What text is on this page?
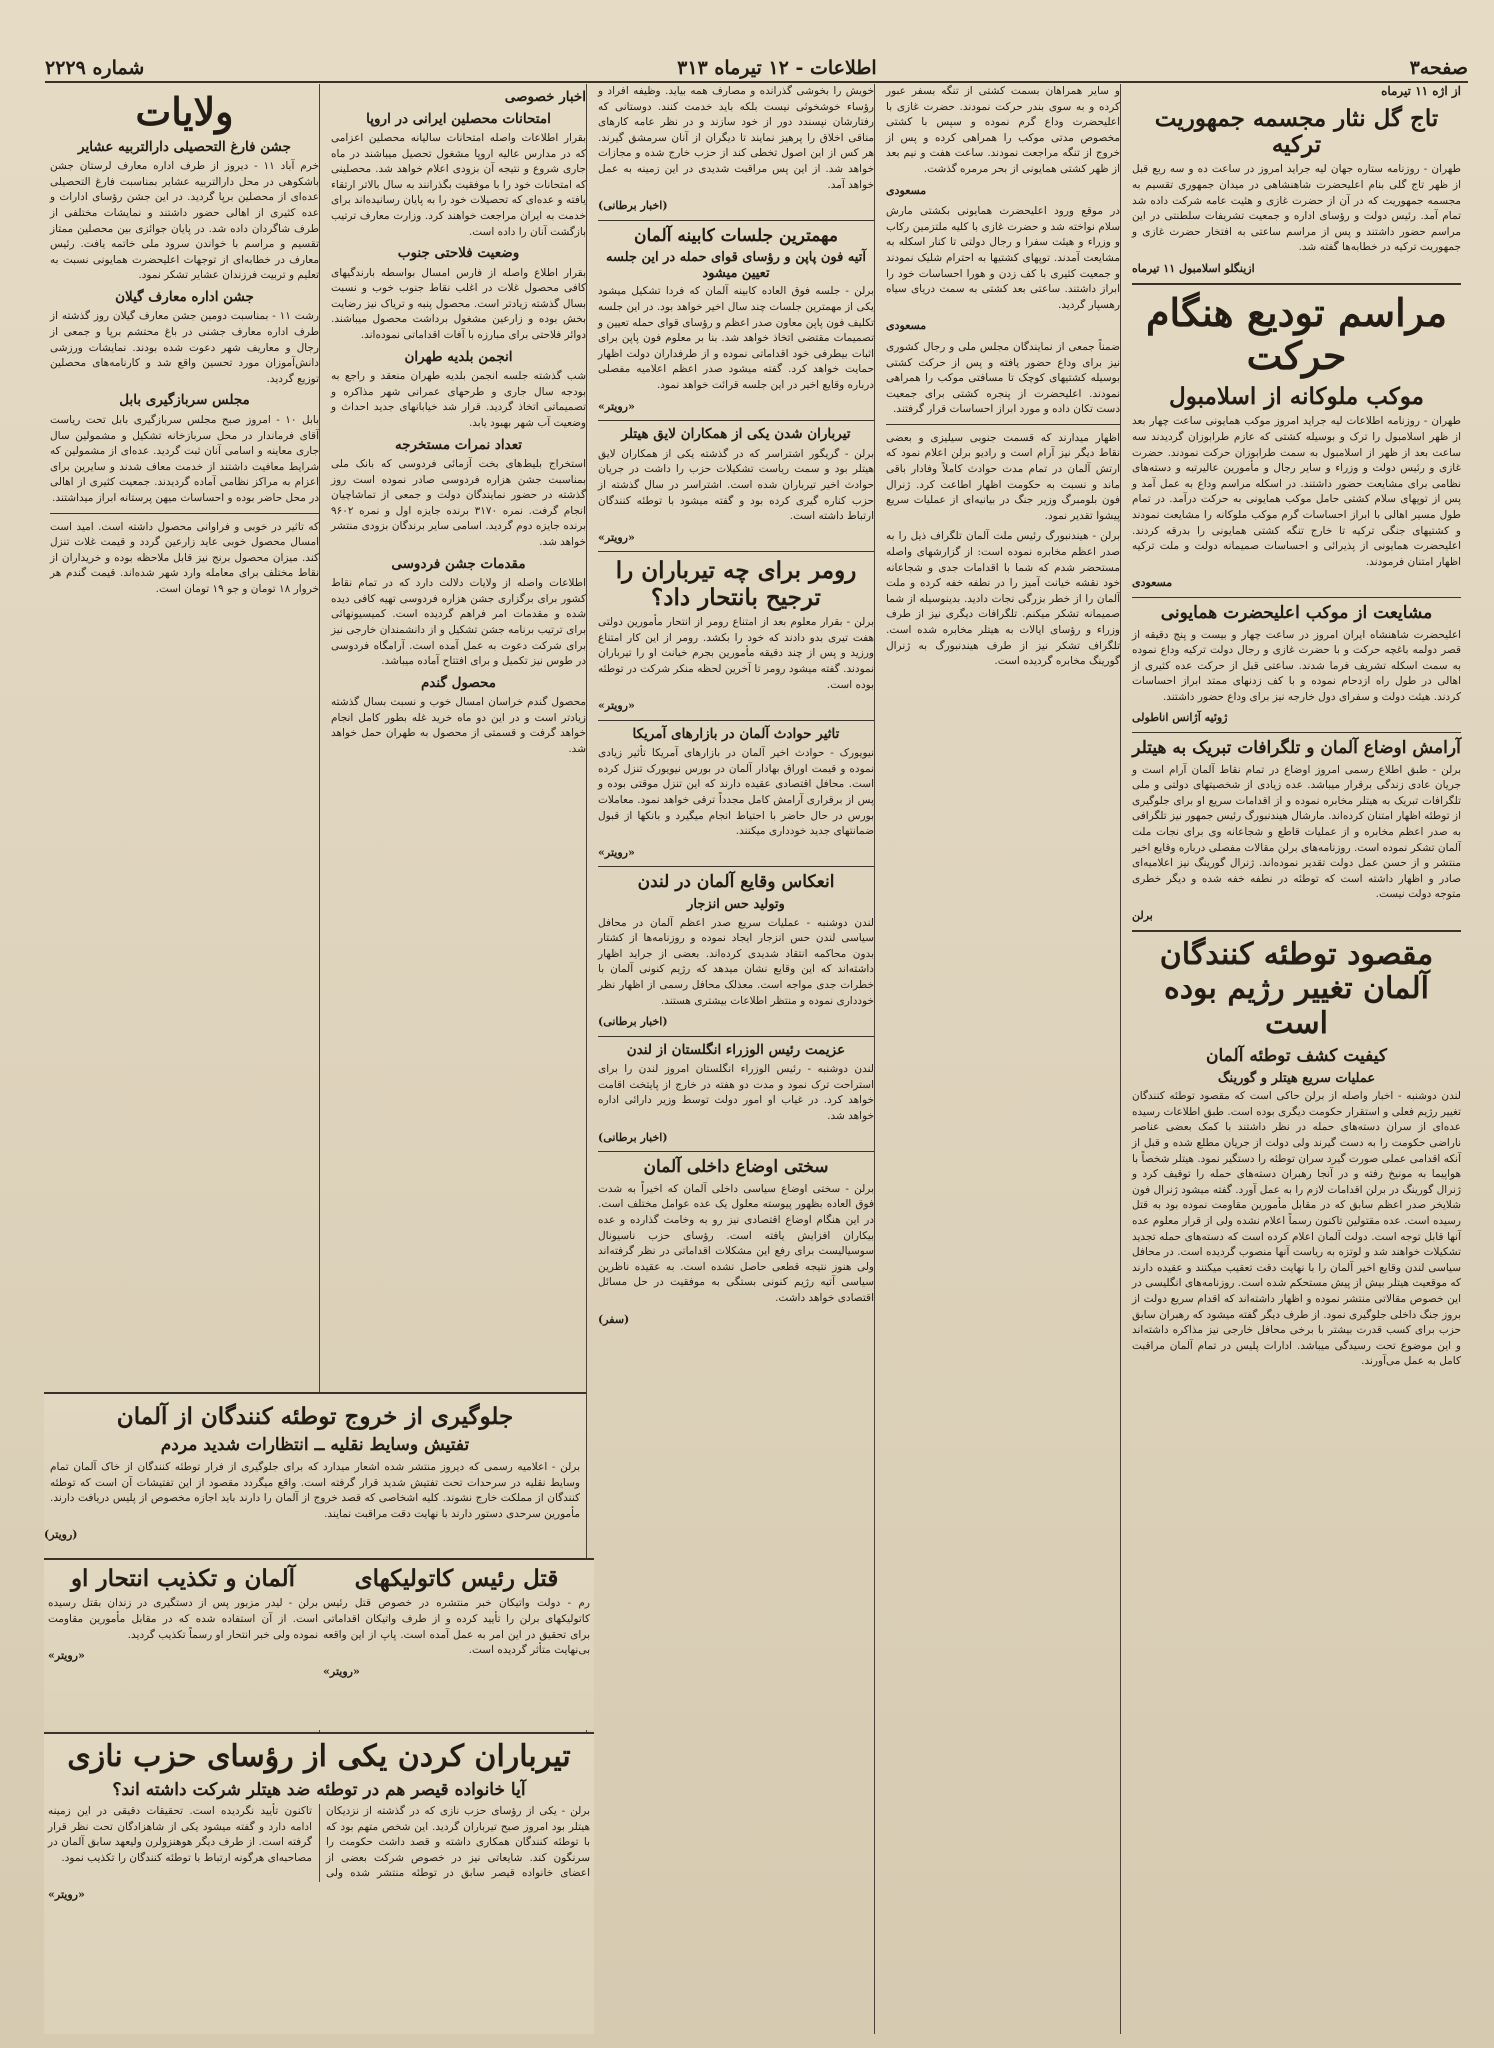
صفحه۳
اطلاعات - ۱۲ تیرماه ۳۱۳
شماره ۲۲۲۹
از اژه ۱۱ تیرماه
تاج گل نثار مجسمه جمهوریت ترکیه

طهران - روزنامه ستاره جهان لیه جراید امروز در ساعت ده و سه ربع قبل از ظهر تاج گلی بنام اعلیحضرت شاهنشاهی در میدان جمهوری تقسیم به مجسمه جمهوریت که در آن از حضرت غازی و هئیت عامه شرکت داده شد تمام آمد. رئیس دولت و رؤسای اداره و جمعیت تشریفات سلطنتی در این مراسم حضور داشتند و پس از مراسم ساعتی به افتخار حضرت غازی و جمهوریت ترکیه در خطابه‌ها گفته شد.

ازینگلو اسلامبول ۱۱ تیرماه
مراسم تودیع هنگام حرکت
موکب ملوکانه از اسلامبول

طهران - روزنامه اطلاعات لیه جراید امروز موکب همایونی ساعت چهار بعد از ظهر اسلامبول را ترک و بوسیله کشتی که عازم طرابوزان گردیدند سه ساعت بعد از ظهر از اسلامبول به سمت طرابوزان حرکت نمودند. حضرت غازی و رئیس دولت و وزراء و سایر رجال و مأمورین عالیرتبه و دسته‌های نظامی برای مشایعت حضور داشتند. در اسکله مراسم وداع به عمل آمد و پس از توپهای سلام کشتی حامل موکب همایونی به حرکت درآمد. در تمام طول مسیر اهالی با ابراز احساسات گرم موکب ملوکانه را مشایعت نمودند و کشتیهای جنگی ترکیه تا خارج تنگه کشتی همایونی را بدرقه کردند. اعلیحضرت همایونی از پذیرائی و احساسات صمیمانه دولت و ملت ترکیه اظهار امتنان فرمودند.

مسعودی
مشایعت از موکب اعلیحضرت همایونی

اعلیحضرت شاهنشاه ایران امروز در ساعت چهار و بیست و پنج دقیقه از قصر دولمه باغچه حرکت و با حضرت غازی و رجال دولت ترکیه وداع نموده به سمت اسکله تشریف فرما شدند. ساعتی قبل از حرکت عده کثیری از اهالی در طول راه ازدحام نموده و با کف زدنهای ممتد ابراز احساسات کردند. هیئت دولت و سفرای دول خارجه نیز برای وداع حضور داشتند.

ژوئیه آژانس اناطولی
آرامش اوضاع آلمان و تلگرافات تبریک به هیتلر

برلن - طبق اطلاع رسمی امروز اوضاع در تمام نقاط آلمان آرام است و جریان عادی زندگی برقرار میباشد. عده زیادی از شخصیتهای دولتی و ملی تلگرافات تبریک به هیتلر مخابره نموده و از اقدامات سریع او برای جلوگیری از توطئه اظهار امتنان کرده‌اند. مارشال هیندنبورگ رئیس جمهور نیز تلگرافی به صدر اعظم مخابره و از عملیات قاطع و شجاعانه وی برای نجات ملت آلمان تشکر نموده است. روزنامه‌های برلن مقالات مفصلی درباره وقایع اخیر منتشر و از حسن عمل دولت تقدیر نموده‌اند. ژنرال گورینگ نیز اعلامیه‌ای صادر و اظهار داشته است که توطئه در نطفه خفه شده و دیگر خطری متوجه دولت نیست.

برلن
مقصود توطئه کنندگان آلمان تغییر رژیم بوده است
کیفیت کشف توطئه آلمان
عملیات سریع هیتلر و گورینگ

لندن دوشنبه - اخبار واصله از برلن حاکی است که مقصود توطئه کنندگان تغییر رژیم فعلی و استقرار حکومت دیگری بوده است. طبق اطلاعات رسیده عده‌ای از سران دسته‌های حمله در نظر داشتند با کمک بعضی عناصر ناراضی حکومت را به دست گیرند ولی دولت از جریان مطلع شده و قبل از آنکه اقدامی عملی صورت گیرد سران توطئه را دستگیر نمود. هیتلر شخصاً با هواپیما به مونیخ رفته و در آنجا رهبران دسته‌های حمله را توقیف کرد و ژنرال گورینگ در برلن اقدامات لازم را به عمل آورد. گفته میشود ژنرال فون شلایخر صدر اعظم سابق که در مقابل مأمورین مقاومت نموده بود به قتل رسیده است. عده مقتولین تاکنون رسماً اعلام نشده ولی از قرار معلوم عده آنها قابل توجه است. دولت آلمان اعلام کرده است که دسته‌های حمله تجدید تشکیلات خواهند شد و لوتزه به ریاست آنها منصوب گردیده است. در محافل سیاسی لندن وقایع اخیر آلمان را با نهایت دقت تعقیب میکنند و عقیده دارند که موقعیت هیتلر بیش از پیش مستحکم شده است. روزنامه‌های انگلیسی در این خصوص مقالاتی منتشر نموده و اظهار داشته‌اند که اقدام سریع دولت از بروز جنگ داخلی جلوگیری نمود. از طرف دیگر گفته میشود که رهبران سابق حزب برای کسب قدرت بیشتر با برخی محافل خارجی نیز مذاکره داشته‌اند و این موضوع تحت رسیدگی میباشد. ادارات پلیس در تمام آلمان مراقبت کامل به عمل می‌آورند.

و سایر همراهان بسمت کشتی از تنگه بسفر عبور کرده و به سوی بندر حرکت نمودند. حضرت غازی با اعلیحضرت وداع گرم نموده و سپس با کشتی مخصوص مدتی موکب را همراهی کرده و پس از خروج از تنگه مراجعت نمودند. ساعت هفت و نیم بعد از ظهر کشتی همایونی از بحر مرمره گذشت.

مسعودی

در موقع ورود اعلیحضرت همایونی بکشتی مارش سلام نواخته شد و حضرت غازی با کلیه ملتزمین رکاب و وزراء و هیئت سفرا و رجال دولتی تا کنار اسکله به مشایعت آمدند. توپهای کشتیها به احترام شلیک نمودند و جمعیت کثیری با کف زدن و هورا احساسات خود را ابراز داشتند. ساعتی بعد کشتی به سمت دریای سیاه رهسپار گردید.

مسعودی

ضمناً جمعی از نمایندگان مجلس ملی و رجال کشوری نیز برای وداع حضور یافته و پس از حرکت کشتی بوسیله کشتیهای کوچک تا مسافتی موکب را همراهی نمودند. اعلیحضرت از پنجره کشتی برای جمعیت دست تکان داده و مورد ابراز احساسات قرار گرفتند.

اظهار میدارند که قسمت جنوبی سیلیزی و بعضی نقاط دیگر نیز آرام است و رادیو برلن اعلام نمود که ارتش آلمان در تمام مدت حوادث کاملاً وفادار باقی ماند و نسبت به حکومت اظهار اطاعت کرد. ژنرال فون بلومبرگ وزیر جنگ در بیانیه‌ای از عملیات سریع پیشوا تقدیر نمود.

برلن - هیندنبورگ رئیس ملت آلمان تلگراف ذیل را به صدر اعظم مخابره نموده است: از گزارشهای واصله مستحضر شدم که شما با اقدامات جدی و شجاعانه خود نقشه خیانت آمیز را در نطفه خفه کرده و ملت آلمان را از خطر بزرگی نجات دادید. بدینوسیله از شما صمیمانه تشکر میکنم. تلگرافات دیگری نیز از طرف وزراء و رؤسای ایالات به هیتلر مخابره شده است. تلگراف تشکر نیز از طرف هیندنبورگ به ژنرال گورینگ مخابره گردیده است.

خویش را بخوشی گذرانده و مصارف همه بیاید. وظیفه افراد و رؤساء خوشخوئی نیست بلکه باید خدمت کنند. دوستانی که رفتارشان نپسندد دور از خود سازند و در نظر عامه کارهای مناقی اخلاق را پرهیز نمایند تا دیگران از آنان سرمشق گیرند. هر کس از این اصول تخطی کند از حزب خارج شده و مجازات خواهد شد. از این پس مراقبت شدیدی در این زمینه به عمل خواهد آمد.

(اخبار برطانی)
مهمترین جلسات کابینه آلمان
آتیه فون پاپن و رؤسای قوای حمله در این جلسه تعیین میشود

برلن - جلسه فوق العاده کابینه آلمان که فردا تشکیل میشود یکی از مهمترین جلسات چند سال اخیر خواهد بود. در این جلسه تکلیف فون پاپن معاون صدر اعظم و رؤسای قوای حمله تعیین و تصمیمات مقتضی اتخاذ خواهد شد. بنا بر معلوم فون پاپن برای اثبات بیطرفی خود اقداماتی نموده و از طرفداران دولت اظهار حمایت خواهد کرد. گفته میشود صدر اعظم اعلامیه مفصلی درباره وقایع اخیر در این جلسه قرائت خواهد نمود.

«رویتر»
تیرباران شدن یکی از همکاران لایق هیتلر

برلن - گریگور اشتراسر که در گذشته یکی از همکاران لایق هیتلر بود و سمت ریاست تشکیلات حزب را داشت در جریان حوادث اخیر تیرباران شده است. اشتراسر در سال گذشته از حزب کناره گیری کرده بود و گفته میشود با توطئه کنندگان ارتباط داشته است.

«رویتر»
رومر برای چه تیرباران را ترجیح بانتحار داد؟

برلن - بقرار معلوم بعد از امتناع رومر از انتحار مأمورین دولتی هفت تیری بدو دادند که خود را بکشد. رومر از این کار امتناع ورزید و پس از چند دقیقه مأمورین بجرم خیانت او را تیرباران نمودند. گفته میشود رومر تا آخرین لحظه منکر شرکت در توطئه بوده است.

«رویتر»
تاثیر حوادث آلمان در بازارهای آمریکا

نیویورک - حوادث اخیر آلمان در بازارهای آمریکا تأثیر زیادی نموده و قیمت اوراق بهادار آلمان در بورس نیویورک تنزل کرده است. محافل اقتصادی عقیده دارند که این تنزل موقتی بوده و پس از برقراری آرامش کامل مجدداً ترقی خواهد نمود. معاملات بورس در حال حاضر با احتیاط انجام میگیرد و بانکها از قبول ضمانتهای جدید خودداری میکنند.

«رویتر»
انعکاس وقایع آلمان در لندن
وتولید حس انزجار

لندن دوشنبه - عملیات سریع صدر اعظم آلمان در محافل سیاسی لندن حس انزجار ایجاد نموده و روزنامه‌ها از کشتار بدون محاکمه انتقاد شدیدی کرده‌اند. بعضی از جراید اظهار داشته‌اند که این وقایع نشان میدهد که رژیم کنونی آلمان با خطرات جدی مواجه است. معذلک محافل رسمی از اظهار نظر خودداری نموده و منتظر اطلاعات بیشتری هستند.

(اخبار برطانی)
عزیمت رئیس الوزراء انگلستان از لندن

لندن دوشنبه - رئیس الوزراء انگلستان امروز لندن را برای استراحت ترک نمود و مدت دو هفته در خارج از پایتخت اقامت خواهد کرد. در غیاب او امور دولت توسط وزیر دارائی اداره خواهد شد.

(اخبار برطانی)
سختی اوضاع داخلی آلمان

برلن - سختی اوضاع سیاسی داخلی آلمان که اخیراً به شدت فوق العاده بظهور پیوسته معلول یک عده عوامل مختلف است. در این هنگام اوضاع اقتصادی نیز رو به وخامت گذارده و عده بیکاران افزایش یافته است. رؤسای حزب ناسیونال سوسیالیست برای رفع این مشکلات اقداماتی در نظر گرفته‌اند ولی هنوز نتیجه قطعی حاصل نشده است. به عقیده ناظرین سیاسی آتیه رژیم کنونی بستگی به موفقیت در حل مسائل اقتصادی خواهد داشت.

(سفر)
اخبار خصوصی
امتحانات محصلین ایرانی در اروپا

بقرار اطلاعات واصله امتحانات سالیانه محصلین اعزامی که در مدارس عالیه اروپا مشغول تحصیل میباشند در ماه جاری شروع و نتیجه آن بزودی اعلام خواهد شد. محصلینی که امتحانات خود را با موفقیت بگذرانند به سال بالاتر ارتقاء یافته و عده‌ای که تحصیلات خود را به پایان رسانیده‌اند برای خدمت به ایران مراجعت خواهند کرد. وزارت معارف ترتیب بازگشت آنان را داده است.

وضعیت فلاحتی جنوب

بقرار اطلاع واصله از فارس امسال بواسطه بارندگیهای کافی محصول غلات در اغلب نقاط جنوب خوب و نسبت بسال گذشته زیادتر است. محصول پنبه و تریاک نیز رضایت بخش بوده و زارعین مشغول برداشت محصول میباشند. دوائر فلاحتی برای مبارزه با آفات اقداماتی نموده‌اند.

انجمن بلدیه طهران

شب گذشته جلسه انجمن بلدیه طهران منعقد و راجع به بودجه سال جاری و طرحهای عمرانی شهر مذاکره و تصمیماتی اتخاذ گردید. قرار شد خیابانهای جدید احداث و وضعیت آب شهر بهبود یابد.

تعداد نمرات مستخرجه

استخراج بلیط‌های بخت آزمائی فردوسی که بانک ملی بمناسبت جشن هزاره فردوسی صادر نموده است روز گذشته در حضور نمایندگان دولت و جمعی از تماشاچیان انجام گرفت. نمره ۳۱۷۰ برنده جایزه اول و نمره ۹۶۰۲ برنده جایزه دوم گردید. اسامی سایر برندگان بزودی منتشر خواهد شد.

مقدمات جشن فردوسی

اطلاعات واصله از ولایات دلالت دارد که در تمام نقاط کشور برای برگزاری جشن هزاره فردوسی تهیه کافی دیده شده و مقدمات امر فراهم گردیده است. کمیسیونهائی برای ترتیب برنامه جشن تشکیل و از دانشمندان خارجی نیز برای شرکت دعوت به عمل آمده است. آرامگاه فردوسی در طوس نیز تکمیل و برای افتتاح آماده میباشد.

محصول گندم

محصول گندم خراسان امسال خوب و نسبت بسال گذشته زیادتر است و در این دو ماه خرید غله بطور کامل انجام خواهد گرفت و قسمتی از محصول به طهران حمل خواهد شد.

ولایات
جشن فارغ التحصیلی دارالتربیه عشایر

خرم آباد ۱۱ - دیروز از طرف اداره معارف لرستان جشن باشکوهی در محل دارالتربیه عشایر بمناسبت فارغ التحصیلی عده‌ای از محصلین برپا گردید. در این جشن رؤسای ادارات و عده کثیری از اهالی حضور داشتند و نمایشات مختلفی از طرف شاگردان داده شد. در پایان جوائزی بین محصلین ممتاز تقسیم و مراسم با خواندن سرود ملی خاتمه یافت. رئیس معارف در خطابه‌ای از توجهات اعلیحضرت همایونی نسبت به تعلیم و تربیت فرزندان عشایر تشکر نمود.

جشن اداره معارف گیلان

رشت ۱۱ - بمناسبت دومین جشن معارف گیلان روز گذشته از طرف اداره معارف جشنی در باغ محتشم برپا و جمعی از رجال و معاریف شهر دعوت شده بودند. نمایشات ورزشی دانش‌آموزان مورد تحسین واقع شد و کارنامه‌های محصلین توزیع گردید.

مجلس سربازگیری بابل

بابل ۱۰ - امروز صبح مجلس سربازگیری بابل تحت ریاست آقای فرماندار در محل سربازخانه تشکیل و مشمولین سال جاری معاینه و اسامی آنان ثبت گردید. عده‌ای از مشمولین که شرایط معافیت داشتند از خدمت معاف شدند و سایرین برای اعزام به مراکز نظامی آماده گردیدند. جمعیت کثیری از اهالی در محل حاضر بوده و احساسات میهن پرستانه ابراز میداشتند.

که تاثیر در خوبی و فراوانی محصول داشته است. امید است امسال محصول خوبی عاید زارعین گردد و قیمت غلات تنزل کند. میزان محصول برنج نیز قابل ملاحظه بوده و خریداران از نقاط مختلف برای معامله وارد شهر شده‌اند. قیمت گندم هر خروار ۱۸ تومان و جو ۱۹ تومان است.

جلوگیری از خروج توطئه کنندگان از آلمان
تفتیش وسایط نقلیه ــ انتظارات شدید مردم

برلن - اعلامیه رسمی که دیروز منتشر شده اشعار میدارد که برای جلوگیری از فرار توطئه کنندگان از خاک آلمان تمام وسایط نقلیه در سرحدات تحت تفتیش شدید قرار گرفته است. واقع میگردد مقصود از این تفتیشات آن است که توطئه کنندگان از مملکت خارج نشوند. کلیه اشخاصی که قصد خروج از آلمان را دارند باید اجازه مخصوص از پلیس دریافت دارند. مأمورین سرحدی دستور دارند با نهایت دقت مراقبت نمایند.

(رویتر)
قتل رئیس کاتولیکهای

رم - دولت واتیکان خبر منتشره در خصوص قتل رئیس کاتولیکهای برلن را تأیید کرده و از طرف واتیکان اقداماتی برای تحقیق در این امر به عمل آمده است. پاپ از این واقعه بی‌نهایت متأثر گردیده است.

«رویتر»
آلمان و تکذیب انتحار او

برلن - لیدر مزبور پس از دستگیری در زندان بقتل رسیده است. از آن استفاده شده که در مقابل مأمورین مقاومت نموده ولی خبر انتحار او رسماً تکذیب گردید.

«رویتر»
تیرباران کردن یکی از رؤسای حزب نازی
آیا خانواده قیصر هم در توطئه ضد هیتلر شرکت داشته اند؟

برلن - یکی از رؤسای حزب نازی که در گذشته از نزدیکان هیتلر بود امروز صبح تیرباران گردید. این شخص متهم بود که با توطئه کنندگان همکاری داشته و قصد داشت حکومت را سرنگون کند. شایعاتی نیز در خصوص شرکت بعضی از اعضای خانواده قیصر سابق در توطئه منتشر شده ولی تاکنون تأیید نگردیده است. تحقیقات دقیقی در این زمینه ادامه دارد و گفته میشود یکی از شاهزادگان تحت نظر قرار گرفته است. از طرف دیگر هوهنزولرن ولیعهد سابق آلمان در مصاحبه‌ای هرگونه ارتباط با توطئه کنندگان را تکذیب نمود.

«رویتر»
